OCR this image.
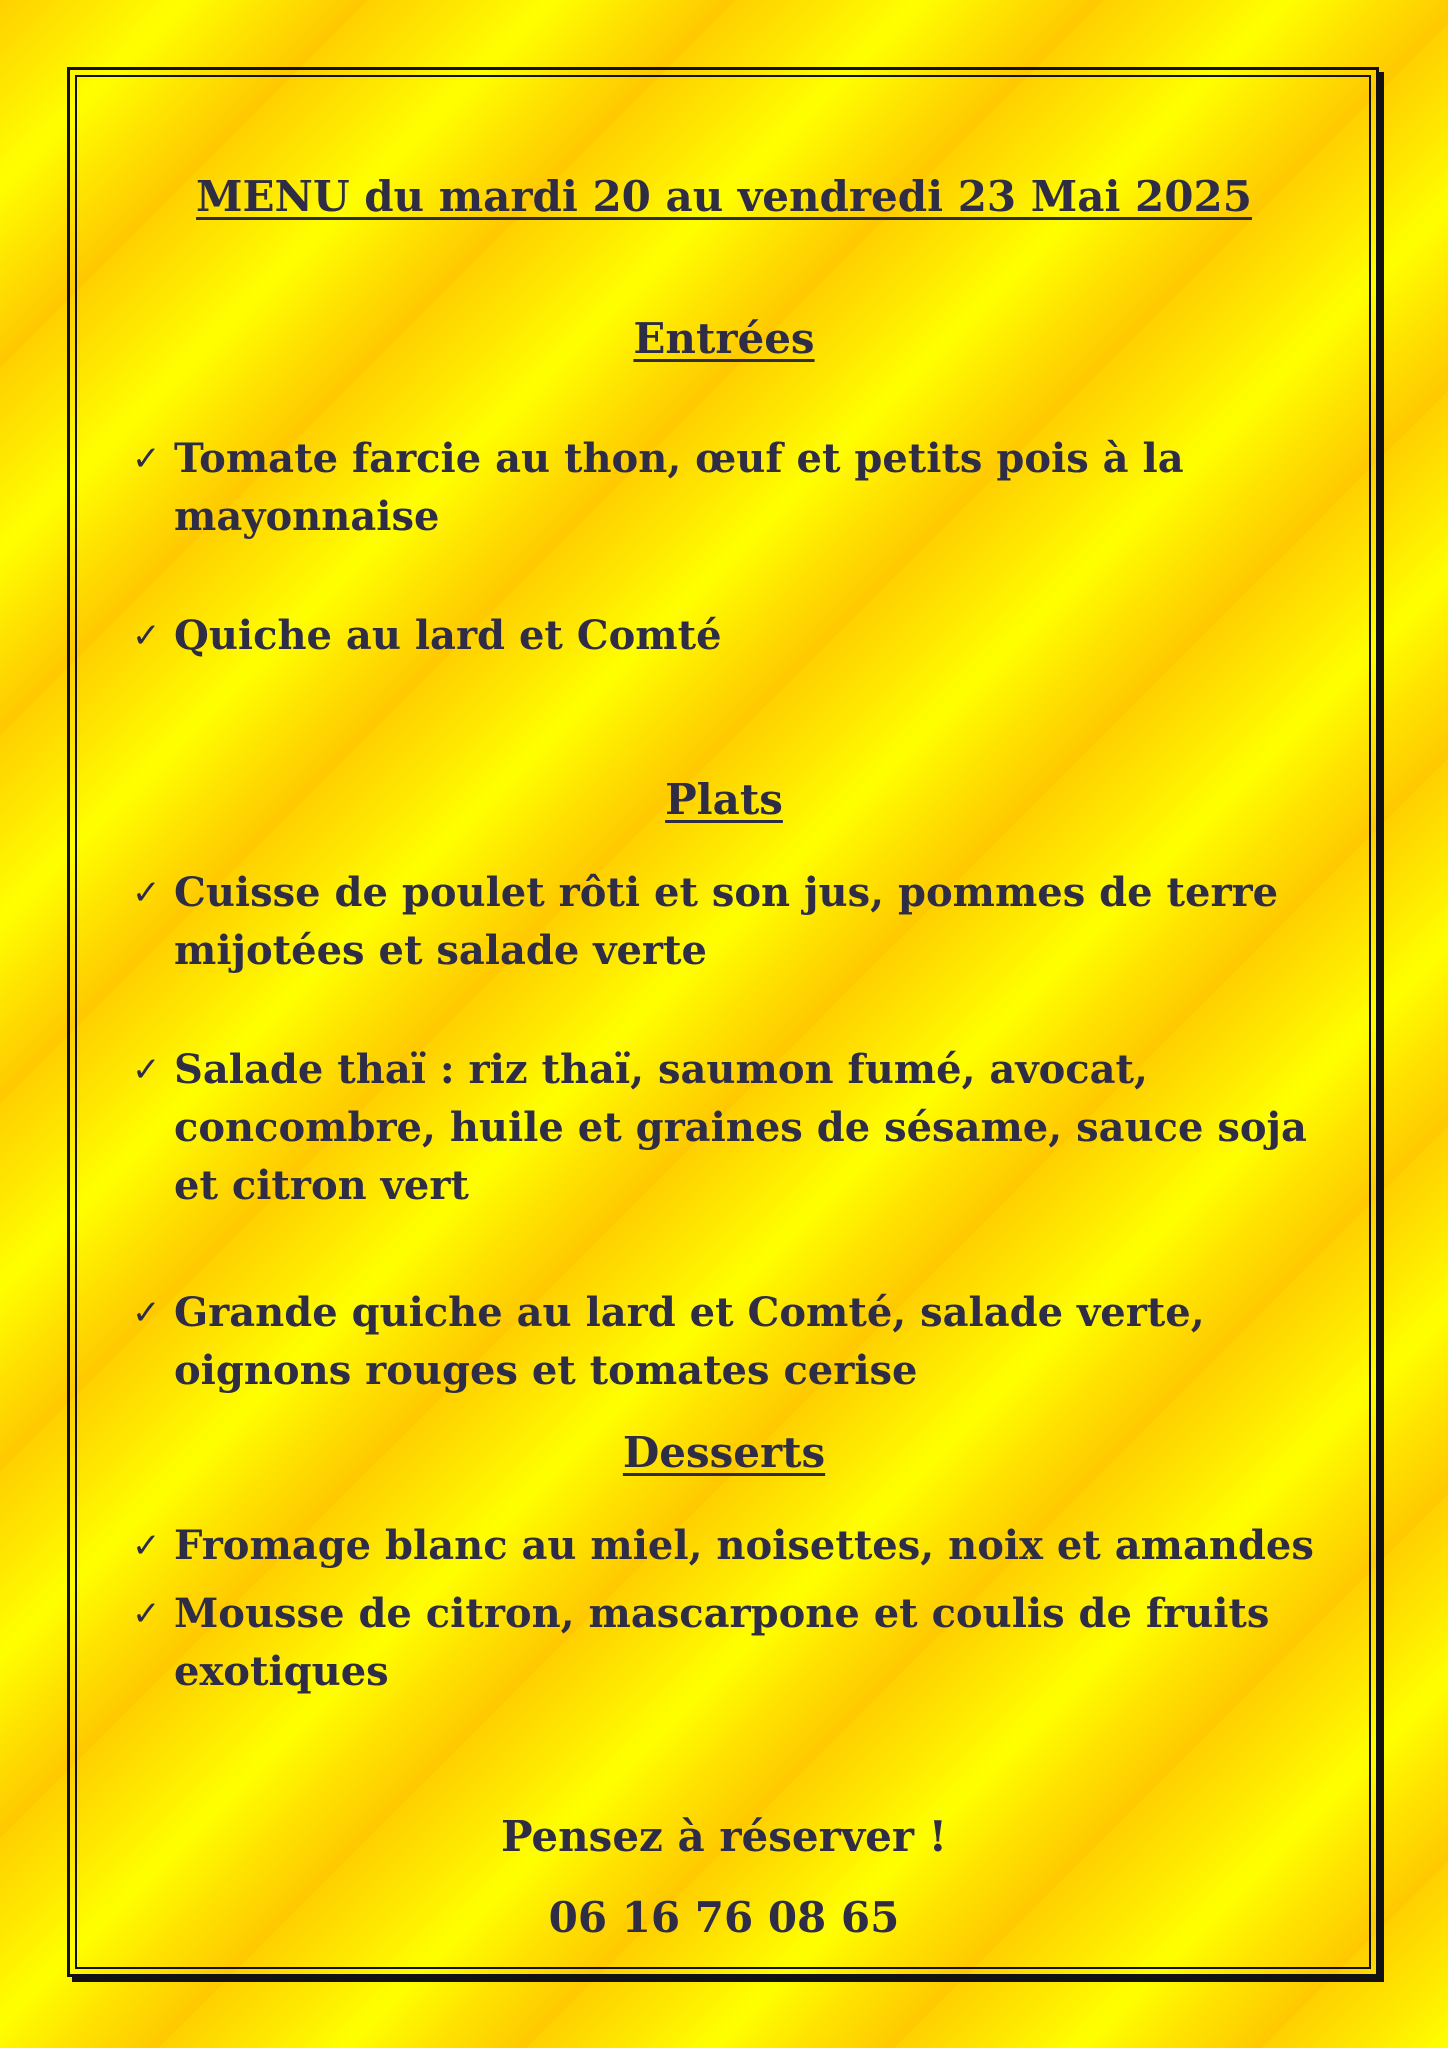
MENU du mardi 20 au vendredi 23 Mai 2025
Entrées
✓ Tomate farcie au thon, œuf et petits pois à la mayonnaise
✓ Quiche au lard et Comté
Plats
✓ Cuisse de poulet rôti et son jus, pommes de terre mijotées et salade verte
✓ Salade thaï : riz thaï, saumon fumé, avocat, concombre, huile et graines de sésame, sauce soja et citron vert
✓ Grande quiche au lard et Comté, salade verte, oignons rouges et tomates cerise
Desserts
✓ Fromage blanc au miel, noisettes, noix et amandes
✓ Mousse de citron, mascarpone et coulis de fruits exotiques
Pensez à réserver !
06 16 76 08 65
